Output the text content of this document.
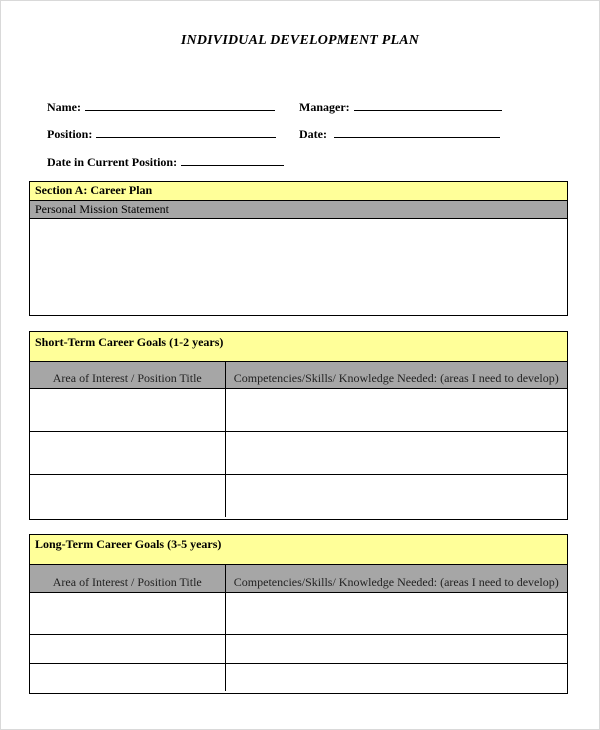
INDIVIDUAL DEVELOPMENT PLAN
Name:	Manager:
Position:	Date:
Date in Current Position:
Section A: Career Plan
Personal Mission Statement
Short-Term Career Goals (1-2 years)
Area of Interest / Position Title	Competencies/Skills/ Knowledge Needed: (areas I need to develop)

Long-Term Career Goals (3-5 years)
Area of Interest / Position Title	Competencies/Skills/ Knowledge Needed: (areas I need to develop)
